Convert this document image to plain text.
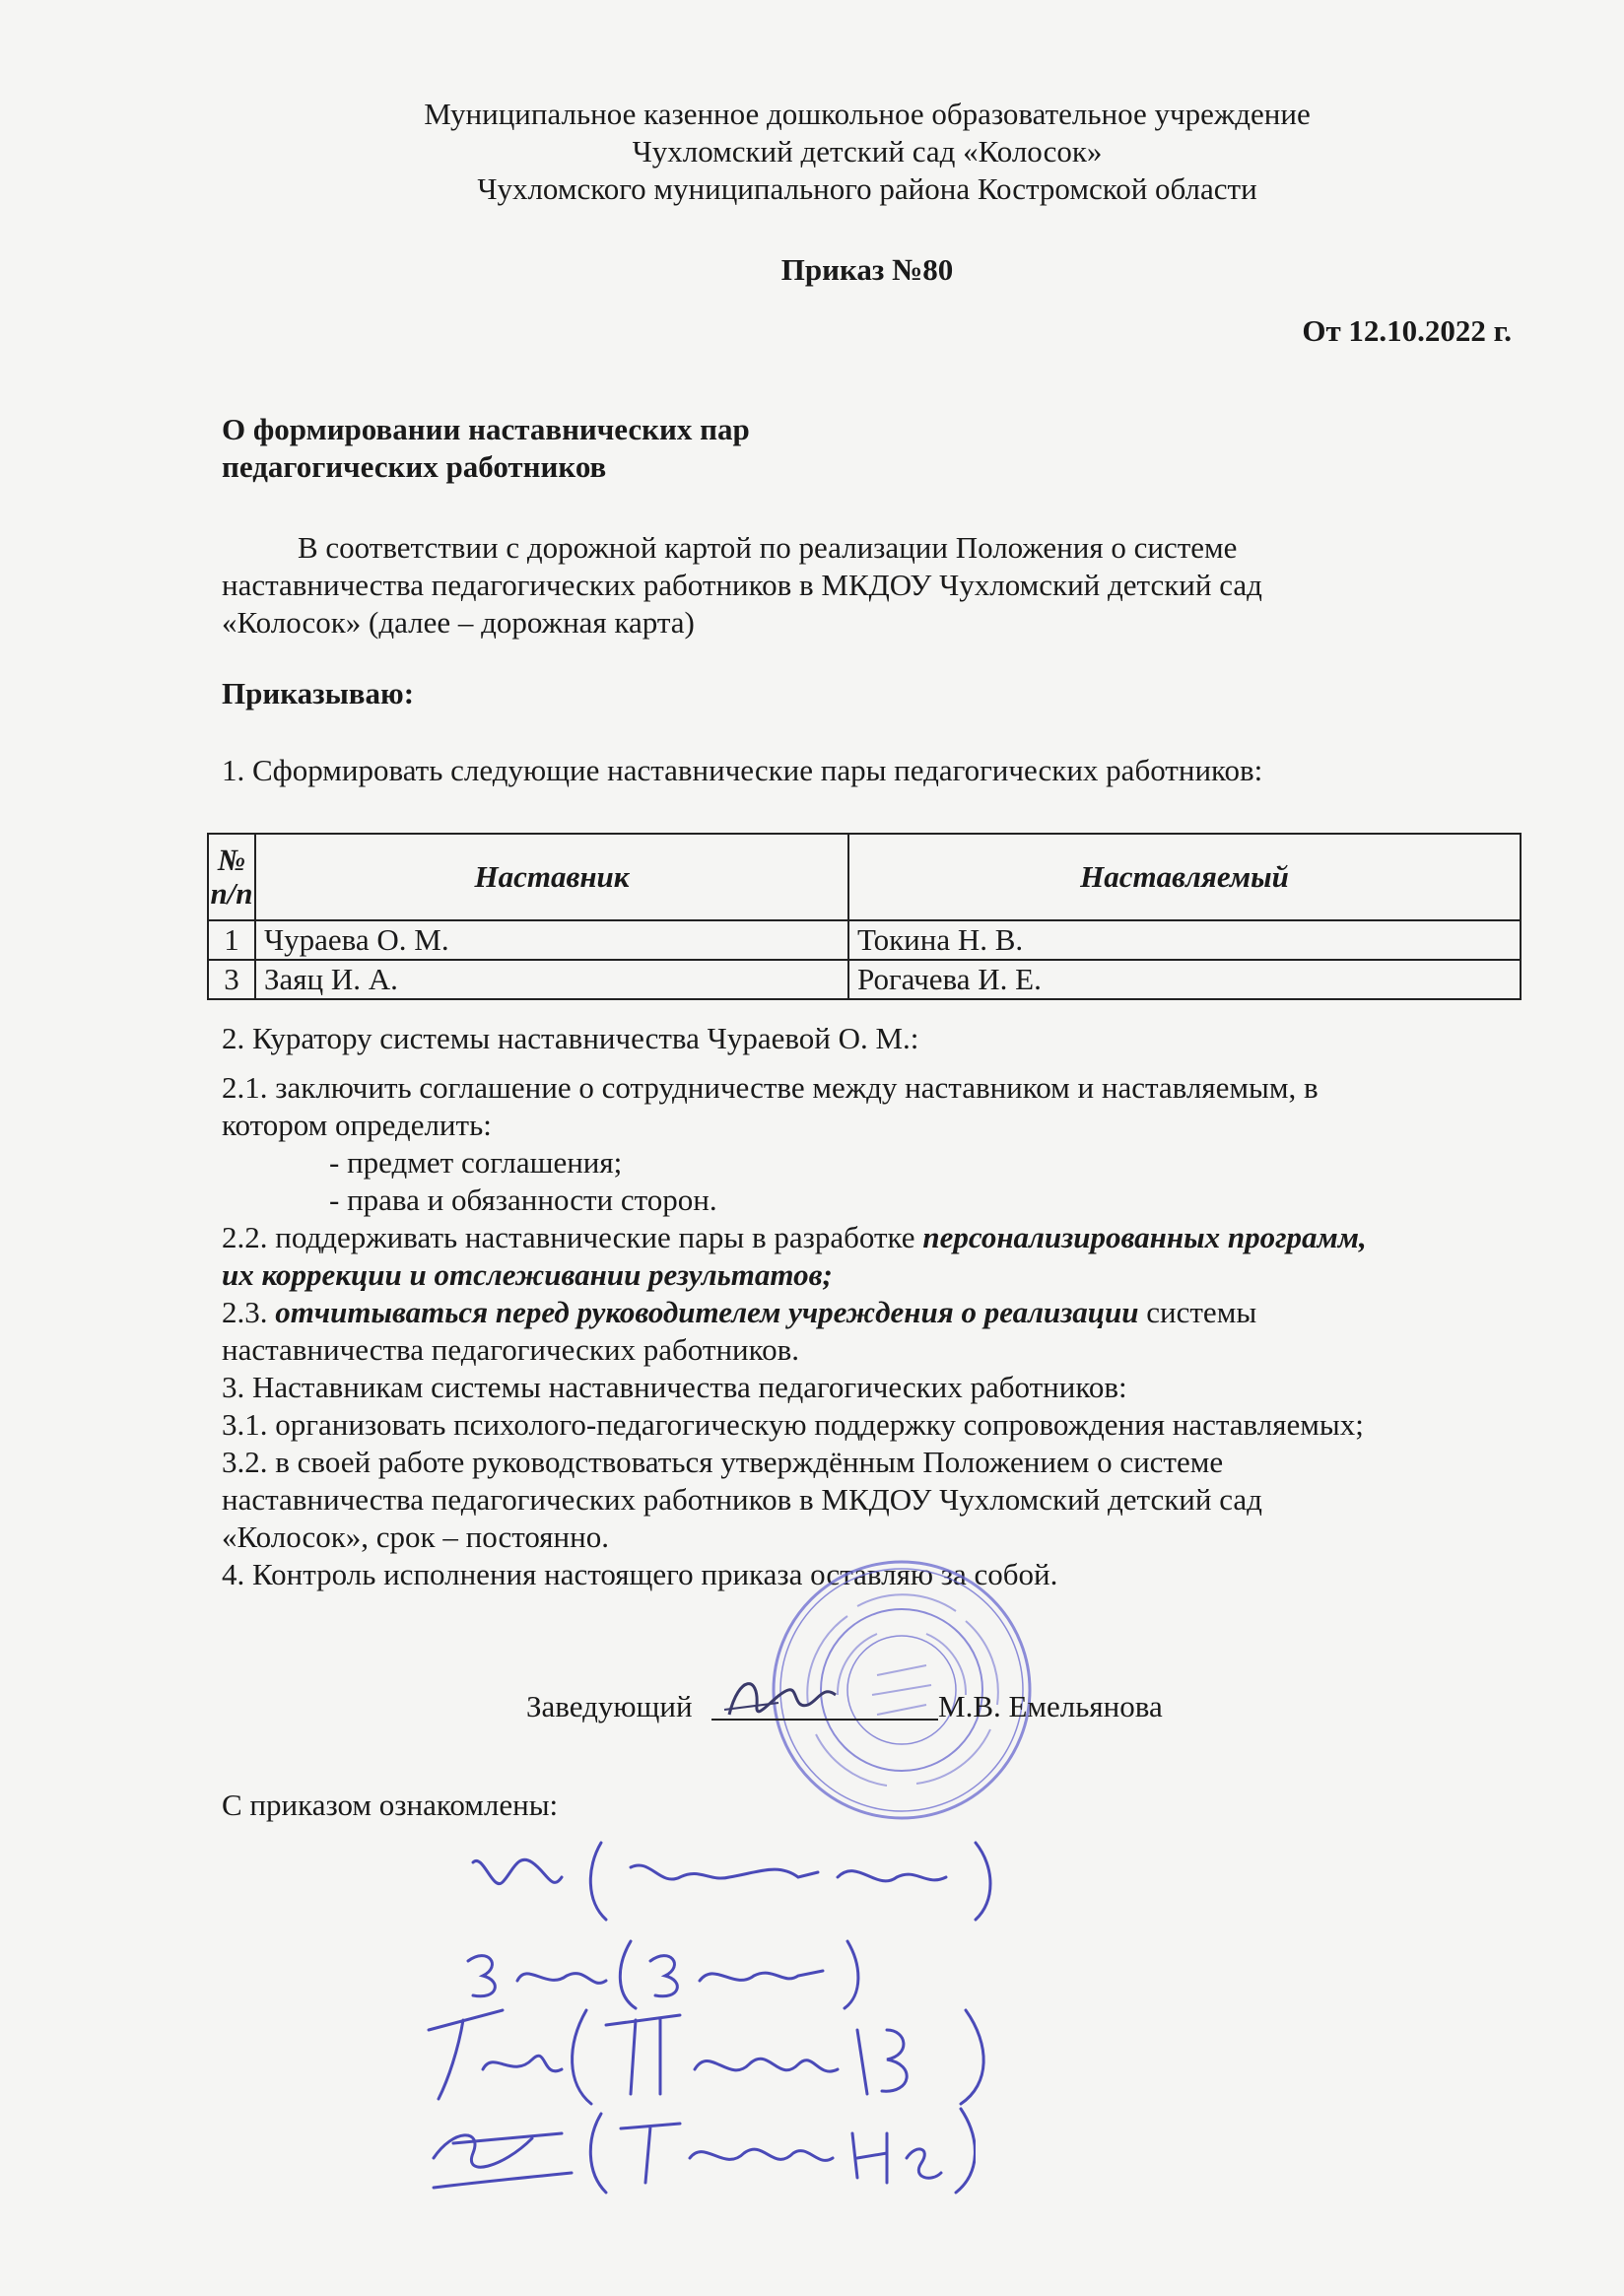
Муниципальное казенное дошкольное образовательное учреждение
Чухломский детский сад «Колосок»
Чухломского муниципального района Костромской области
Приказ №80
От 12.10.2022 г.
О формировании наставнических пар
педагогических работников
В соответствии с дорожной картой по реализации Положения о системе
наставничества педагогических работников в МКДОУ Чухломский детский сад
«Колосок» (далее – дорожная карта)
Приказываю:
1. Сформировать следующие наставнические пары педагогических работников:
№ п/п	Наставник	Наставляемый
1	Чураева О. М.	Токина Н. В.
3	Заяц И. А.	Рогачева И. Е.
2. Куратору системы наставничества Чураевой О. М.:
2.1. заключить соглашение о сотрудничестве между наставником и наставляемым, в
котором определить:
- предмет соглашения;
- права и обязанности сторон.
2.2. поддерживать наставнические пары в разработке персонализированных программ,
их коррекции и отслеживании результатов;
2.3. отчитываться перед руководителем учреждения о реализации системы
наставничества педагогических работников.
3. Наставникам системы наставничества педагогических работников:
3.1. организовать психолого-педагогическую поддержку сопровождения наставляемых;
3.2. в своей работе руководствоваться утверждённым Положением о системе
наставничества педагогических работников в МКДОУ Чухломский детский сад
«Колосок», срок – постоянно.
4. Контроль исполнения настоящего приказа оставляю за собой.
Заведующий	М.В. Емельянова
С приказом ознакомлены:
